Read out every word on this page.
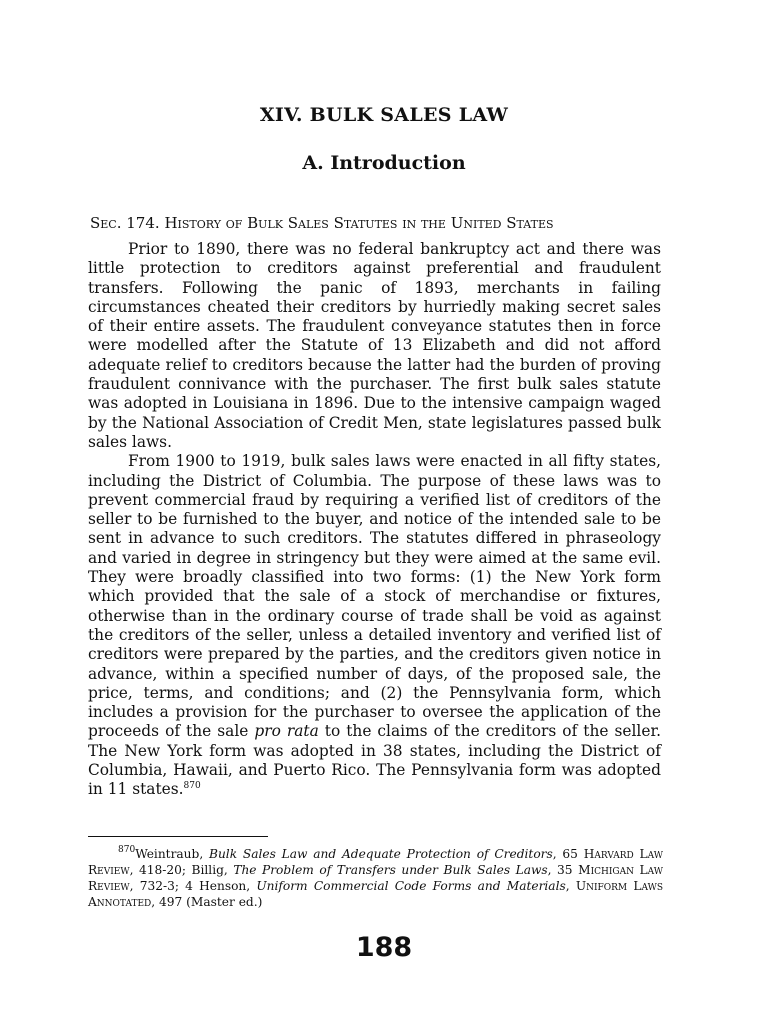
XIV. BULK SALES LAW
A. Introduction
Sec. 174. History of Bulk Sales Statutes in the United States

Prior to 1890, there was no federal bankruptcy act and there was little protection to creditors against preferential and fraudulent transfers. Following the panic of 1893, merchants in failing circumstances cheated their creditors by hurriedly making secret sales of their entire assets. The fraudulent conveyance statutes then in force were modelled after the Statute of 13 Elizabeth and did not afford adequate relief to creditors because the latter had the burden of proving fraudulent connivance with the purchaser. The first bulk sales statute was adopted in Louisiana in 1896. Due to the intensive campaign waged by the National Association of Credit Men, state legislatures passed bulk sales laws.

From 1900 to 1919, bulk sales laws were enacted in all fifty states, including the District of Columbia. The purpose of these laws was to prevent commercial fraud by requiring a verified list of creditors of the seller to be furnished to the buyer, and notice of the intended sale to be sent in advance to such creditors. The statutes differed in phraseology and varied in degree in stringency but they were aimed at the same evil. They were broadly classified into two forms: (1) the New York form which provided that the sale of a stock of merchandise or fixtures, otherwise than in the ordinary course of trade shall be void as against the creditors of the seller, unless a detailed inventory and verified list of creditors were prepared by the parties, and the creditors given notice in advance, within a specified number of days, of the proposed sale, the price, terms, and conditions; and (2) the Pennsylvania form, which includes a provision for the purchaser to oversee the application of the proceeds of the sale pro rata to the claims of the creditors of the seller. The New York form was adopted in 38 states, including the District of Columbia, Hawaii, and Puerto Rico. The Pennsylvania form was adopted in 11 states.$^{870}$

$^{870}$Weintraub, Bulk Sales Law and Adequate Protection of Creditors, 65 Harvard Law Review, 418-20; Billig, The Problem of Transfers under Bulk Sales Laws, 35 Michigan Law Review, 732-3; 4 Henson, Uniform Commercial Code Forms and Materials, Uniform Laws Annotated, 497 (Master ed.)

188
